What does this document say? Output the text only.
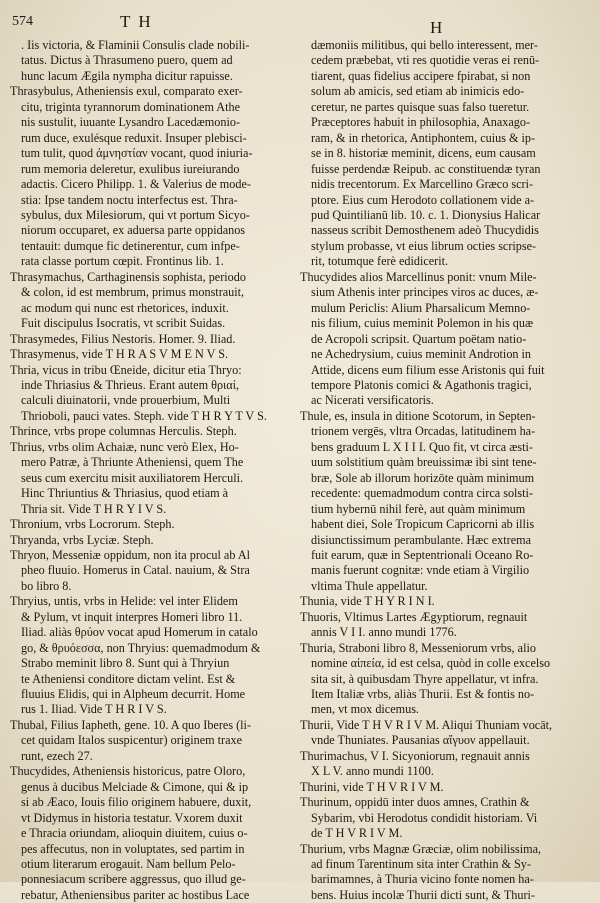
574	T H	H

. Iis victoria, & Flaminii Consulis clade nobili-

tatus. Dictus à Thrasumeno puero, quem ad

hunc lacum Ægila nympha dicitur rapuisse.

Thrasybulus, Atheniensis exul, comparato exer-

citu, triginta tyrannorum dominationem Athe

nis sustulit, iuuante Lysandro Lacedæmonio-

rum duce, exulésque reduxit. Insuper plebisci-

tum tulit, quod ἀμνηστίαν vocant, quod iniuria-

rum memoria deleretur, exulibus iureiurando

adactis. Cicero Philipp. 1. & Valerius de mode-

stia: Ipse tandem noctu interfectus est. Thra-

sybulus, dux Milesiorum, qui vt portum Sicyo-

niorum occuparet, ex aduersa parte oppidanos

tentauit: dumque fic detinerentur, cum infpe-

rata classe portum cœpit. Frontinus lib. 1.

Thrasymachus, Carthaginensis sophista, periodo

& colon, id est membrum, primus monstrauit,

ac modum qui nunc est rhetorices, induxit.

Fuit discipulus Isocratis, vt scribit Suidas.

Thrasymedes, Filius Nestoris. Homer. 9. Iliad.

Thrasymenus, vide T H R A S V M E N V S.

Thria, vicus in tribu Œneide, dicitur etia Thryo:

inde Thriasius & Thrieus. Erant autem θριαί,

calculi diuinatorii, vnde prouerbium, Multi

Thrioboli, pauci vates. Steph. vide T H R Y T V S.

Thrince, vrbs prope columnas Herculis. Steph.

Thrius, vrbs olim Achaiæ, nunc verò Elex, Ho-

mero Patræ, à Thriunte Atheniensi, quem The

seus cum exercitu misit auxiliatorem Herculi.

Hinc Thriuntius & Thriasius, quod etiam à

Thria sit. Vide T H R Y I V S.

Thronium, vrbs Locrorum. Steph.

Thryanda, vrbs Lyciæ. Steph.

Thryon, Messeniæ oppidum, non ita procul ab Al

pheo fluuio. Homerus in Catal. nauium, & Stra

bo libro 8.

Thryius, untis, vrbs in Helide: vel inter Elidem

& Pylum, vt inquit interpres Homeri libro 11.

Iliad. aliàs θρύον vocat apud Homerum in catalo

go, & θρυόεσσα, non Thryius: quemadmodum &

Strabo meminit libro 8. Sunt qui à Thryiun

te Atheniensi conditore dictam velint. Est &

fluuius Elidis, qui in Alpheum decurrit. Home

rus 1. Iliad. Vide T H R I V S.

Thubal, Filius Iapheth, gene. 10. A quo Iberes (li-

cet quidam Italos suspicentur) originem traxe

runt, ezech 27.

Thucydides, Atheniensis historicus, patre Oloro,

genus à ducibus Melciade & Cimone, qui & ip

si ab Æaco, Iouis filio originem habuere, duxit,

vt Didymus in historia testatur. Vxorem duxit

e Thracia oriundam, alioquin diuitem, cuius o-

pes affecutus, non in voluptates, sed partim in

otium literarum erogauit. Nam bellum Pelo-

ponnesiacum scribere aggressus, quo illud ge-

rebatur, Atheniensibus pariter ac hostibus Lace

dæmoniis militibus, qui bello interessent, mer-

cedem præbebat, vti res quotidie veras ei renū-

tiarent, quas fidelius accipere fpirabat, si non

solum ab amicis, sed etiam ab inimicis edo-

ceretur, ne partes quisque suas falso tueretur.

Præceptores habuit in philosophia, Anaxago-

ram, & in rhetorica, Antiphontem, cuius & ip-

se in 8. historiæ meminit, dicens, eum causam

fuisse perdendæ Reipub. ac constituendæ tyran

nidis trecentorum. Ex Marcellino Græco scri-

ptore. Eius cum Herodoto collationem vide a-

pud Quintilianū lib. 10. c. 1. Dionysius Halicar

nasseus scribit Demosthenem adeò Thucydidis

stylum probasse, vt eius librum octies scripse-

rit, totumque ferè edidicerit.

Thucydides alios Marcellinus ponit: vnum Mile-

sium Athenis inter principes viros ac duces, æ-

mulum Periclis: Alium Pharsalicum Memno-

nis filium, cuius meminit Polemon in his quæ

de Acropoli scripsit. Quartum poëtam natio-

ne Achedrysium, cuius meminit Androtion in

Attide, dicens eum filium esse Aristonis qui fuit

tempore Platonis comici & Agathonis tragici,

ac Nicerati versificatoris.

Thule, es, insula in ditione Scotorum, in Septen-

trionem vergēs, vltra Orcadas, latitudinem ha-

bens graduum L X I I I. Quo fit, vt circa æsti-

uum solstitium quàm breuissimæ ibi sint tene-

bræ, Sole ab illorum horizōte quàm minimum

recedente: quemadmodum contra circa solsti-

tium hybernū nihil ferè, aut quàm minimum

habent diei, Sole Tropicum Capricorni ab illis

disiunctissimum perambulante. Hæc extrema

fuit earum, quæ in Septentrionali Oceano Ro-

manis fuerunt cognitæ: vnde etiam à Virgilio

vltima Thule appellatur.

Thunia, vide T H Y R I N I.

Thuoris, Vltimus Lartes Ægyptiorum, regnauit

annis V I I. anno mundi 1776.

Thuria, Straboni libro 8, Messeniorum vrbs, alio

nomine αἰπεία, id est celsa, quòd in colle excelso

sita sit, à quibusdam Thyre appellatur, vt infra.

Item Italiæ vrbs, aliàs Thurii. Est & fontis no-

men, vt mox dicemus.

Thurii, Vide T H V R I V M. Aliqui Thuniam vocāt,

vnde Thuniates. Pausanias αἴγυον appellauit.

Thurimachus, V I. Sicyoniorum, regnauit annis

X L V. anno mundi 1100.

Thurini, vide T H V R I V M.

Thurinum, oppidū inter duos amnes, Crathin &

Sybarim, vbi Herodotus condidit historiam. Vi

de T H V R I V M.

Thurium, vrbs Magnæ Græciæ, olim nobilissima,

ad finum Tarentinum sita inter Crathin & Sy-

barimamnes, à Thuria vicino fonte nomen ha-

bens. Huius incolæ Thurii dicti sunt, & Thuri-
